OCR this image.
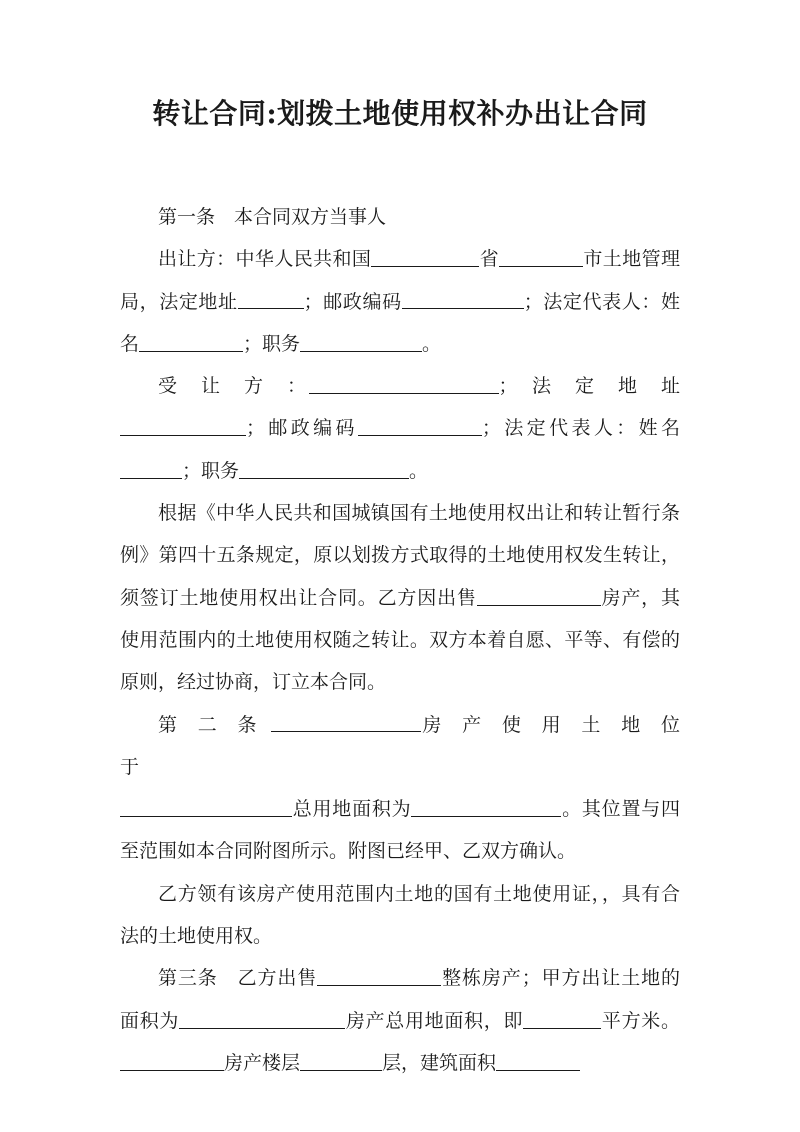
转让合同:划拨土地使用权补办出让合同

第一条　本合同双方当事人

出让方：中华人民共和国	省	市土地管理局，法定地址	；邮政编码	；法定代表人：姓名	；职务	。

受　让　方　：	；　法　定　地　址

；邮政编码	；法定代表人：姓名；职务	。

根据《中华人民共和国城镇国有土地使用权出让和转让暂行条例》第四十五条规定，原以划拨方式取得的土地使用权发生转让，须签订土地使用权出让合同。乙方因出售	房产，其使用范围内的土地使用权随之转让。双方本着自愿、平等、有偿的原则，经过协商，订立本合同。

第　二　条	房　产　使　用　土　地　位　于

总用地面积为	。其位置与四至范围如本合同附图所示。附图已经甲、乙双方确认。

乙方领有该房产使用范围内土地的国有土地使用证，，具有合法的土地使用权。

第三条　乙方出售	整栋房产；甲方出让土地的面积为	房产总用地面积，即	平方米。房产楼层	层，建筑面积
